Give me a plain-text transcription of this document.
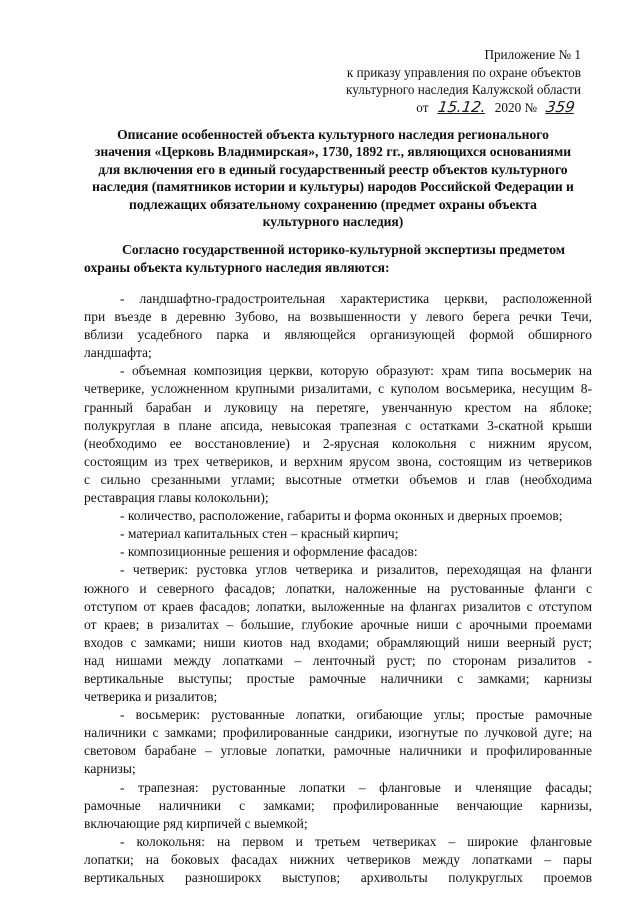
Приложение № 1
к приказу управления по охране объектов
культурного наследия Калужской области
от 15.12. 2020 № 359
Описание особенностей объекта культурного наследия регионального
значения «Церковь Владимирская», 1730, 1892 гг., являющихся основаниями
для включения его в единый государственный реестр объектов культурного
наследия (памятников истории и культуры) народов Российской Федерации и
подлежащих обязательному сохранению (предмет охраны объекта
культурного наследия)
Согласно государственной историко-культурной экспертизы предметом
охраны объекта культурного наследия являются:
- ландшафтно-градостроительная характеристика церкви, расположенной
при въезде в деревню Зубово, на возвышенности у левого берега речки Течи,
вблизи усадебного парка и являющейся организующей формой обширного
ландшафта;
- объемная композиция церкви, которую образуют: храм типа восьмерик на
четверике, усложненном крупными ризалитами, с куполом восьмерика, несущим 8-
гранный барабан и луковицу на перетяге, увенчанную крестом на яблоке;
полукруглая в плане апсида, невысокая трапезная с остатками 3-скатной крыши
(необходимо ее восстановление) и 2-ярусная колокольня с нижним ярусом,
состоящим из трех четвериков, и верхним ярусом звона, состоящим из четвериков
с сильно срезанными углами; высотные отметки объемов и глав (необходима
реставрация главы колокольни);
- количество, расположение, габариты и форма оконных и дверных проемов;
- материал капитальных стен – красный кирпич;
- композиционные решения и оформление фасадов:
- четверик: рустовка углов четверика и ризалитов, переходящая на фланги
южного и северного фасадов; лопатки, наложенные на рустованные фланги с
отступом от краев фасадов; лопатки, выложенные на флангах ризалитов с отступом
от краев; в ризалитах – большие, глубокие арочные ниши с арочными проемами
входов с замками; ниши киотов над входами; обрамляющий ниши веерный руст;
над нишами между лопатками – ленточный руст; по сторонам ризалитов -
вертикальные выступы; простые рамочные наличники с замками; карнизы
четверика и ризалитов;
- восьмерик: рустованные лопатки, огибающие углы; простые рамочные
наличники с замками; профилированные сандрики, изогнутые по лучковой дуге; на
световом барабане – угловые лопатки, рамочные наличники и профилированные
карнизы;
- трапезная: рустованные лопатки – фланговые и членящие фасады;
рамочные наличники с замками; профилированные венчающие карнизы,
включающие ряд кирпичей с выемкой;
- колокольня: на первом и третьем четвериках – широкие фланговые
лопатки; на боковых фасадах нижних четвериков между лопатками – пары
вертикальных разноширокх выступов; архивольты полукруглых проемов
